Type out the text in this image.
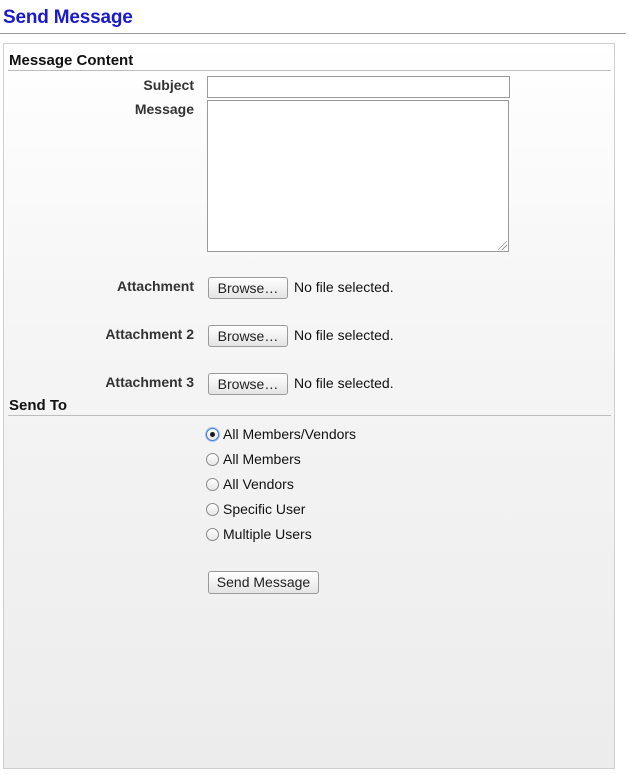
Send Message
Message Content
Subject
Message
Attachment	Browse…	No file selected.
Attachment 2	Browse…	No file selected.
Attachment 3	Browse…	No file selected.
Send To
All Members/Vendors
All Members
All Vendors
Specific User
Multiple Users
Send Message
